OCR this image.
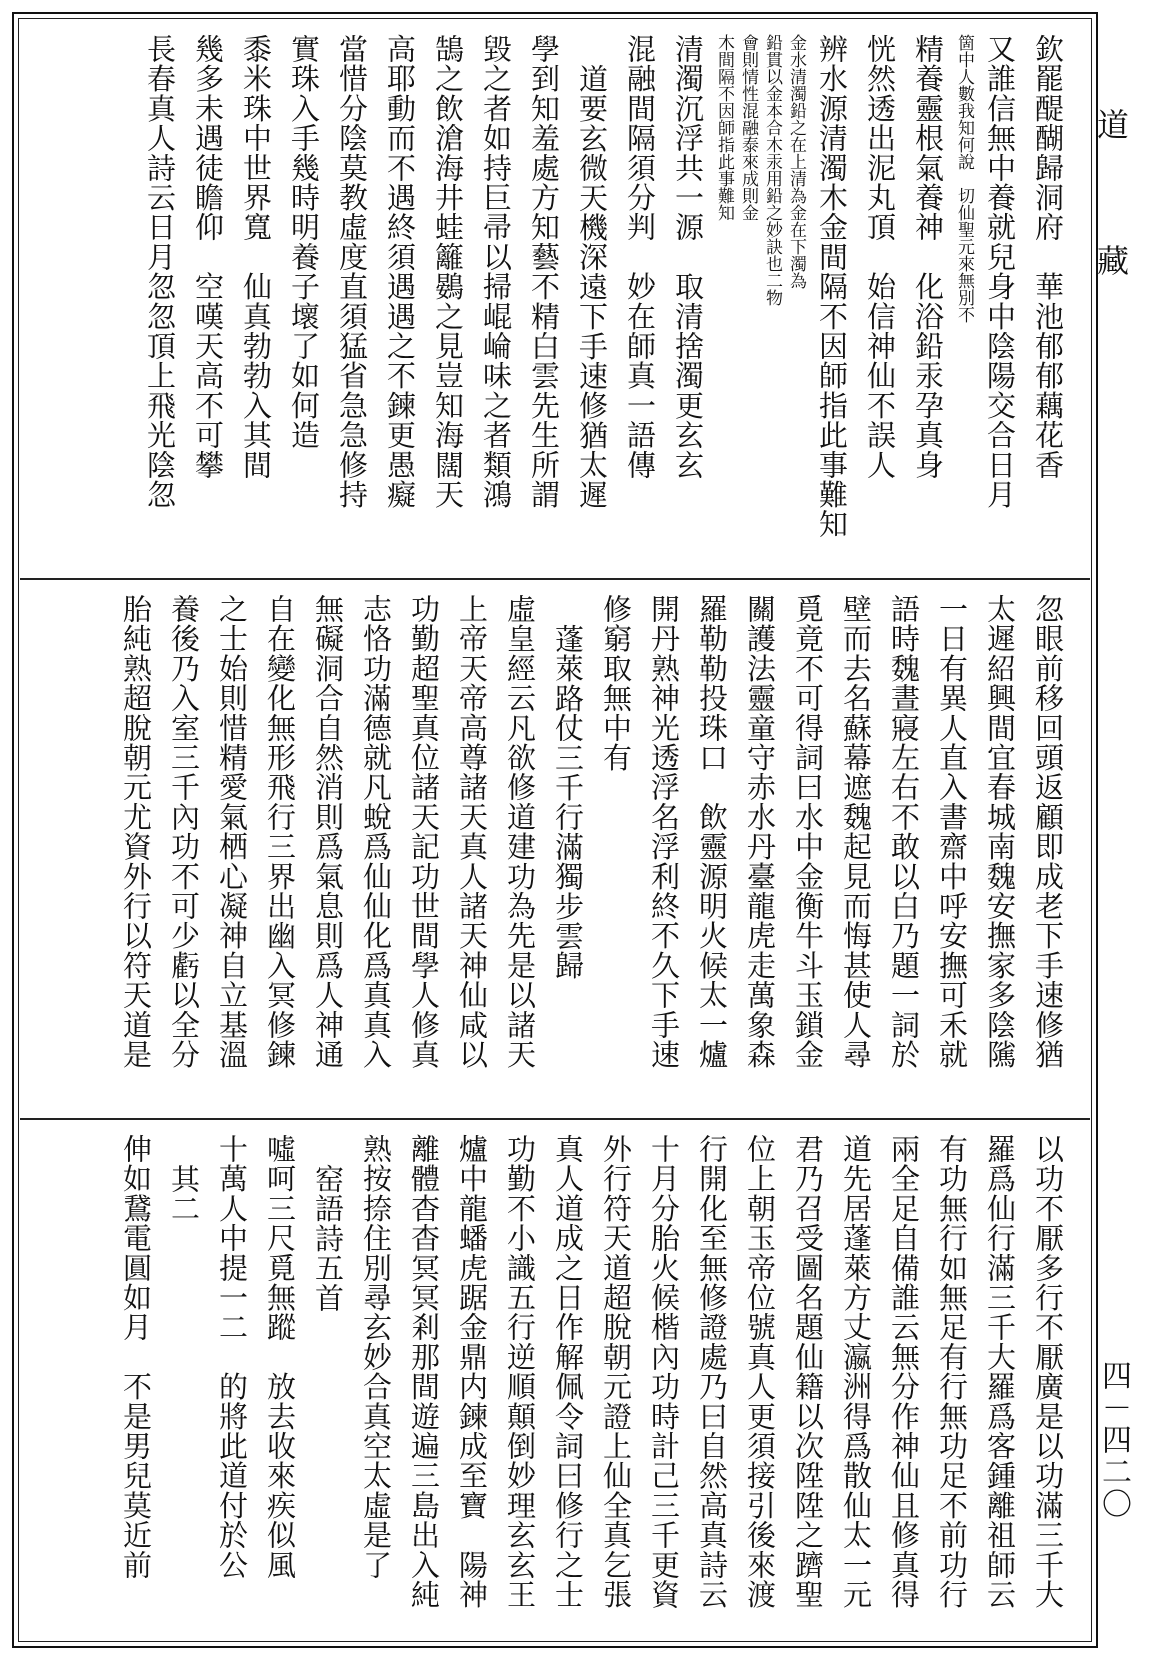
欽罷醍醐歸洞府　華池郁郁藕花香
又誰信無中養就兒身中陰陽交合日月
箇中人數我知何說　切仙聖元來無別不
精養靈根氣養神　化浴鉛汞孕真身
恍然透出泥丸頂　始信神仙不誤人
辨水源清濁木金間隔不因師指此事難知
金水清濁鉛之在上清為金在下濁為
鉛貫以金本合木汞用鉛之妙訣也二物
會則情性混融泰來成則金
木間隔不因師指此事難知
清濁沉浮共一源　取清捨濁更玄玄
混融間隔須分判　妙在師真一語傳
道要玄微天機深遠下手速修猶太遲
學到知羞處方知藝不精白雲先生所謂
毀之者如持巨帚以掃崐崘味之者類鴻
鵠之飲滄海井蛙籬鷃之見豈知海闊天
高耶動而不遇終須遇遇之不鍊更愚癡
當惜分陰莫教虛度直須猛省急急修持
實珠入手幾時明養子壞了如何造
黍米珠中世界寬　仙真勃勃入其間
幾多未遇徒瞻仰　空嘆天高不可攀
長春真人詩云日月忽忽頂上飛光陰忽
忽眼前移回頭返顧即成老下手速修猶
太遲紹興間宜春城南魏安撫家多陰隲
一日有異人直入書齋中呼安撫可禾就
語時魏晝寢左右不敢以白乃題一詞於
壁而去名蘇幕遮魏起見而悔甚使人尋
覓竟不可得詞曰水中金衡牛斗玉鎖金
關護法靈童守赤水丹臺龍虎走萬象森
羅勒勒投珠口　飲靈源明火候太一爐
開丹熟神光透浮名浮利終不久下手速
修窮取無中有
蓬萊路仗三千行滿獨步雲歸
虛皇經云凡欲修道建功為先是以諸天
上帝天帝高尊諸天真人諸天神仙咸以
功勤超聖真位諸天記功世間學人修真
志恪功滿德就凡蛻爲仙仙化爲真真入
無礙洞合自然消則爲氣息則爲人神通
自在變化無形飛行三界出幽入冥修鍊
之士始則惜精愛氣栖心凝神自立基溫
養後乃入室三千內功不可少虧以全分
胎純熟超脫朝元尤資外行以符天道是
以功不厭多行不厭廣是以功滿三千大
羅爲仙行滿三千大羅爲客鍾離祖師云
有功無行如無足有行無功足不前功行
兩全足自備誰云無分作神仙且修真得
道先居蓬萊方丈瀛洲得爲散仙太一元
君乃召受圖名題仙籍以次陞陞之躋聖
位上朝玉帝位號真人更須接引後來渡
行開化至無修證處乃曰自然高真詩云
十月分胎火候楷內功時計己三千更資
外行符天道超脫朝元證上仙全真乞張
真人道成之日作解佩令詞曰修行之士
功勤不小識五行逆順顛倒妙理玄玄王
爐中龍蟠虎踞金鼎内鍊成至寶　陽神
離體杳杳冥冥剎那間遊遍三島出入純
熟按捺住別尋玄妙合真空太虛是了
窑語詩五首
噓呵三尺覓無蹤　放去收來疾似風
十萬人中提一二　的將此道付於公
其二
伸如鵞電圓如月　不是男兒莫近前
道
藏
四－四二〇
